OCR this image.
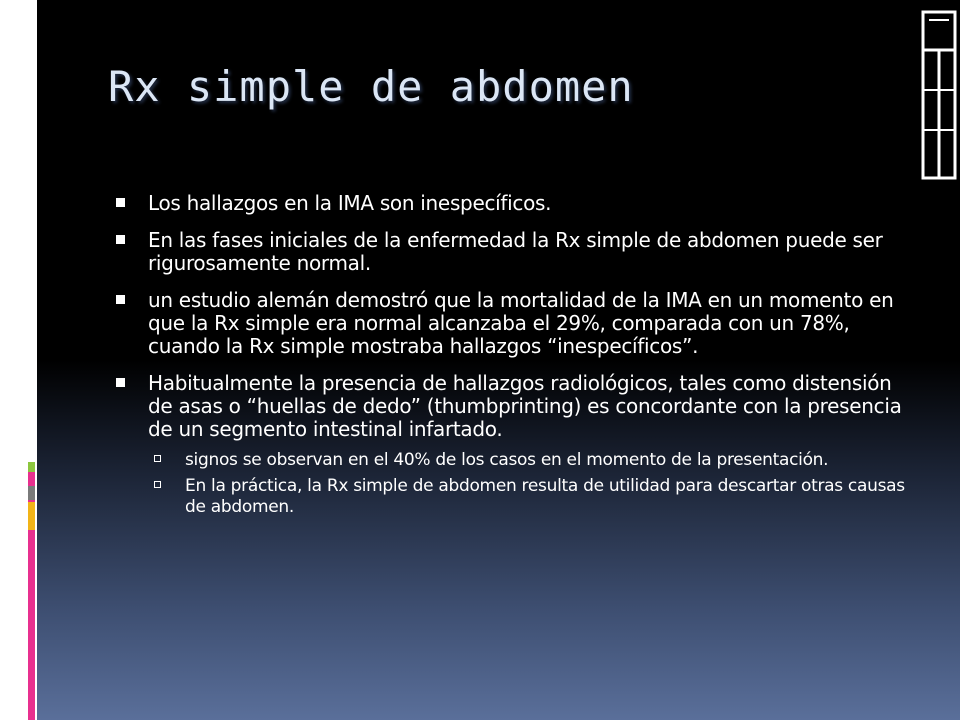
Rx simple de abdomen
Los hallazgos en la IMA son inespecíficos.
En las fases iniciales de la enfermedad la Rx simple de abdomen puede ser rigurosamente normal.
un estudio alemán demostró que la mortalidad de la IMA en un momento en que la Rx simple era normal alcanzaba el 29%, comparada con un 78%, cuando la Rx simple mostraba hallazgos “inespecíficos”.
Habitualmente la presencia de hallazgos radiológicos, tales como distensión de asas o “huellas de dedo” (thumbprinting) es concordante con la presencia de un segmento intestinal infartado.
signos se observan en el 40% de los casos en el momento de la presentación.
En la práctica, la Rx simple de abdomen resulta de utilidad para descartar otras causas de abdomen.
